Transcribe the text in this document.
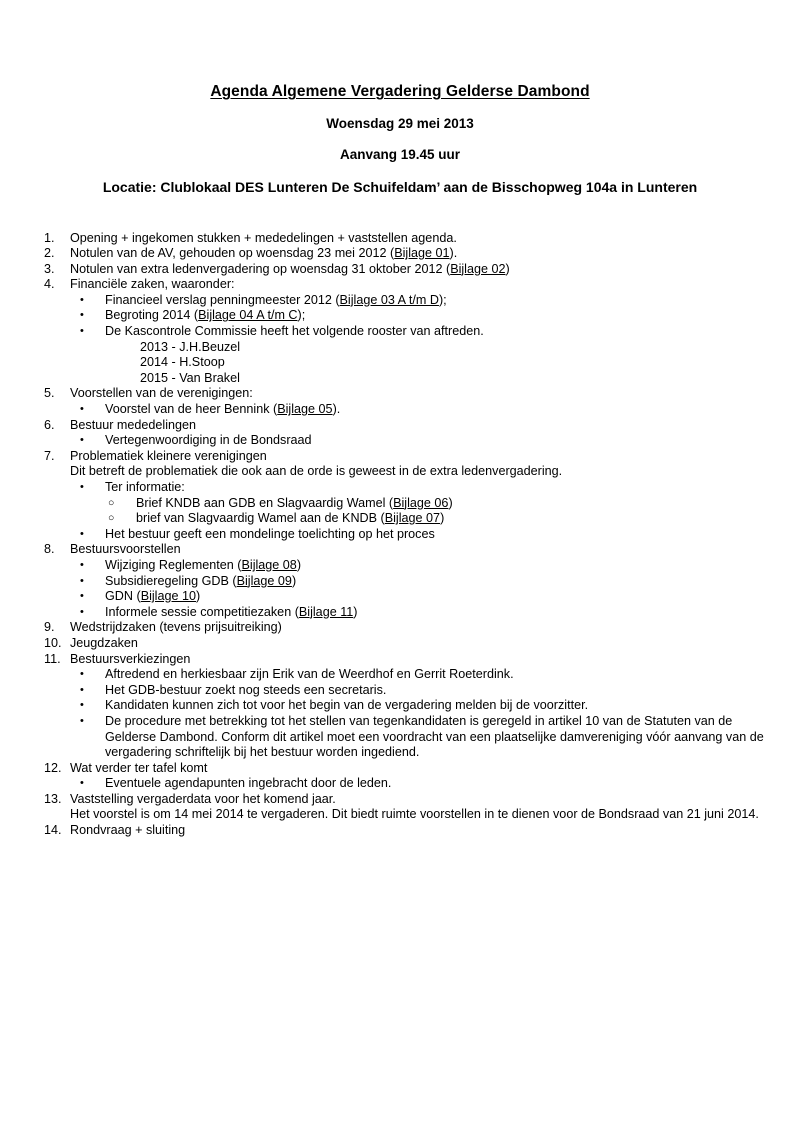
Agenda Algemene Vergadering Gelderse Dambond
Woensdag 29 mei 2013
Aanvang 19.45 uur
Locatie: Clublokaal DES Lunteren De Schuifeldam’ aan de Bisschopweg 104a in Lunteren
1.	Opening + ingekomen stukken + mededelingen + vaststellen agenda.
2.	Notulen van de AV, gehouden op woensdag 23 mei 2012 (Bijlage 01).
3.	Notulen van extra ledenvergadering op woensdag 31 oktober 2012 (Bijlage 02)
4.	Financiële zaken, waaronder:
•	Financieel verslag penningmeester 2012 (Bijlage 03 A t/m D);
•	Begroting 2014 (Bijlage 04 A t/m C);
•	De Kascontrole Commissie heeft het volgende rooster van aftreden.
2013 - J.H.Beuzel
2014 - H.Stoop
2015 - Van Brakel
5.	Voorstellen van de verenigingen:
•	Voorstel van de heer Bennink (Bijlage 05).
6.	Bestuur mededelingen
•	Vertegenwoordiging in de Bondsraad
7.	Problematiek kleinere verenigingen
Dit betreft de problematiek die ook aan de orde is geweest in de extra ledenvergadering.
•	Ter informatie:
○	Brief KNDB aan GDB en Slagvaardig Wamel (Bijlage 06)
○	brief van Slagvaardig Wamel aan de KNDB (Bijlage 07)
•	Het bestuur geeft een mondelinge toelichting op het proces
8.	Bestuursvoorstellen
•	Wijziging Reglementen (Bijlage 08)
•	Subsidieregeling GDB (Bijlage 09)
•	GDN (Bijlage 10)
•	Informele sessie competitiezaken (Bijlage 11)
9.	Wedstrijdzaken (tevens prijsuitreiking)
10. Jeugdzaken
11. Bestuursverkiezingen
•	Aftredend en herkiesbaar zijn Erik van de Weerdhof en Gerrit Roeterdink.
•	Het GDB-bestuur zoekt nog steeds een secretaris.
•	Kandidaten kunnen zich tot voor het begin van de vergadering melden bij de voorzitter.
•	De procedure met betrekking tot het stellen van tegenkandidaten is geregeld in artikel 10 van de Statuten van de Gelderse Dambond. Conform dit artikel moet een voordracht van een plaatselijke damvereniging vóór aanvang van de vergadering schriftelijk bij het bestuur worden ingediend.
12. Wat verder ter tafel komt
•	Eventuele agendapunten ingebracht door de leden.
13. Vaststelling vergaderdata voor het komend jaar.
Het voorstel is om 14 mei 2014 te vergaderen. Dit biedt ruimte voorstellen in te dienen voor de Bondsraad van 21 juni 2014.
14. Rondvraag + sluiting
